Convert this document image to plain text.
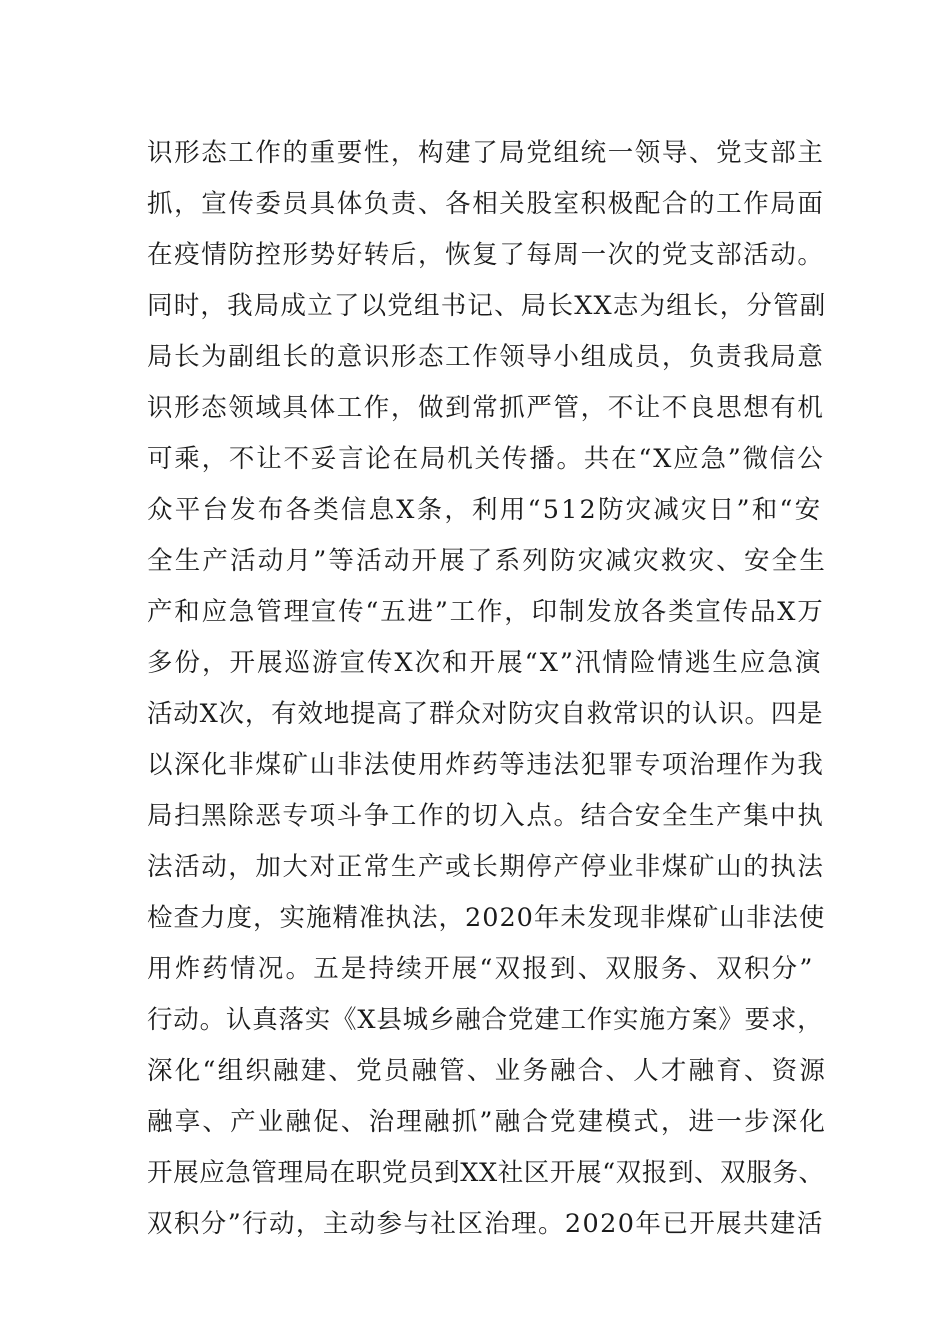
识形态工作的重要性，构建了局党组统一领导、党支部主
抓，宣传委员具体负责、各相关股室积极配合的工作局面
在疫情防控形势好转后，恢复了每周一次的党支部活动。
同时，我局成立了以党组书记、局长XX志为组长，分管副
局长为副组长的意识形态工作领导小组成员，负责我局意
识形态领域具体工作，做到常抓严管，不让不良思想有机
可乘，不让不妥言论在局机关传播。共在“X应急”微信公
众平台发布各类信息X条，利用“512防灾减灾日”和“安
全生产活动月”等活动开展了系列防灾减灾救灾、安全生
产和应急管理宣传“五进”工作，印制发放各类宣传品X万
多份，开展巡游宣传X次和开展“X”汛情险情逃生应急演
活动X次，有效地提高了群众对防灾自救常识的认识。四是
以深化非煤矿山非法使用炸药等违法犯罪专项治理作为我
局扫黑除恶专项斗争工作的切入点。结合安全生产集中执
法活动，加大对正常生产或长期停产停业非煤矿山的执法
检查力度，实施精准执法，2020年未发现非煤矿山非法使
用炸药情况。五是持续开展“双报到、双服务、双积分”
行动。认真落实《X县城乡融合党建工作实施方案》要求，
深化“组织融建、党员融管、业务融合、人才融育、资源
融享、产业融促、治理融抓”融合党建模式，进一步深化
开展应急管理局在职党员到XX社区开展“双报到、双服务、
双积分”行动，主动参与社区治理。2020年已开展共建活
